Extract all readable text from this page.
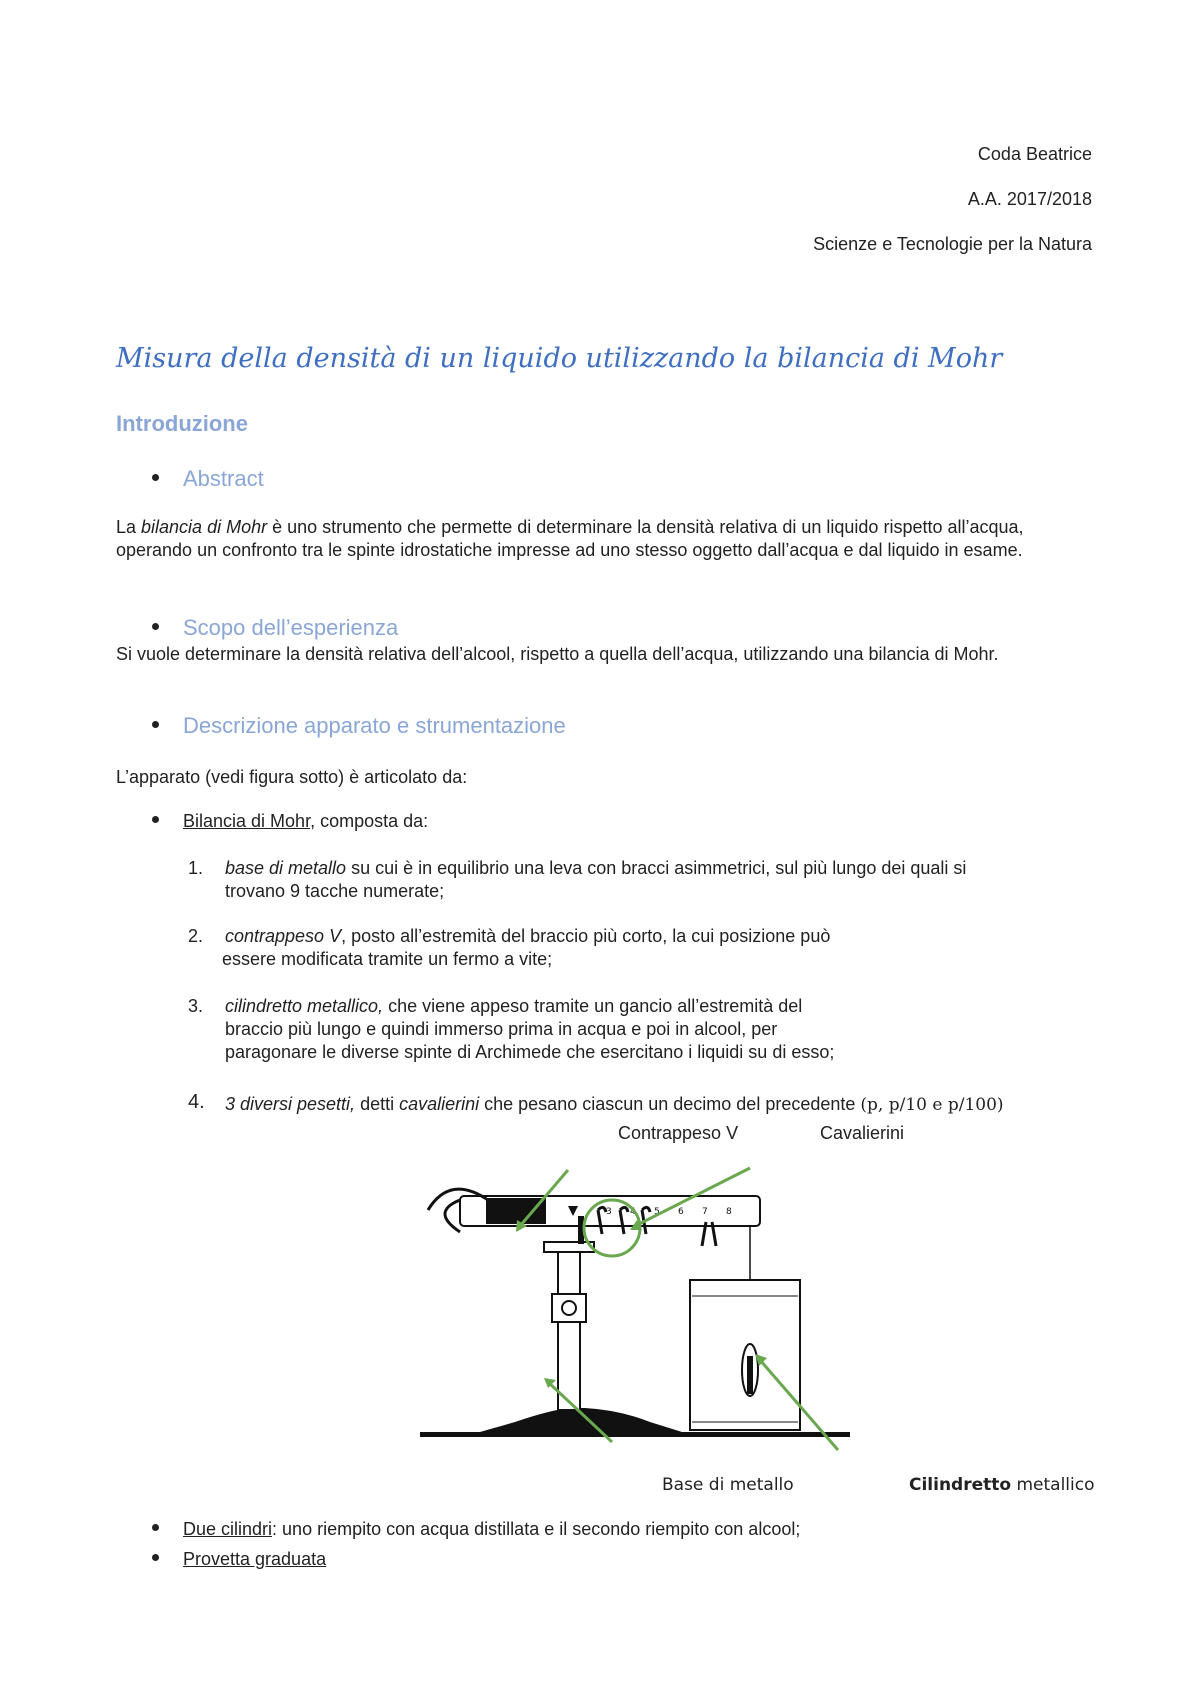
Coda Beatrice
A.A. 2017/2018
Scienze e Tecnologie per la Natura
Misura della densità di un liquido utilizzando la bilancia di Mohr
Introduzione
Abstract
La bilancia di Mohr è uno strumento che permette di determinare la densità relativa di un liquido rispetto all’acqua, operando un confronto tra le spinte idrostatiche impresse ad uno stesso oggetto dall’acqua e dal liquido in esame.
Scopo dell’esperienza
Si vuole determinare la densità relativa dell’alcool, rispetto a quella dell’acqua, utilizzando una bilancia di Mohr.
Descrizione apparato e strumentazione
L’apparato (vedi figura sotto) è articolato da:
Bilancia di Mohr, composta da:
1. base di metallo su cui è in equilibrio una leva con bracci asimmetrici, sul più lungo dei quali si
trovano 9 tacche numerate;
2. contrappeso V, posto all’estremità del braccio più corto, la cui posizione può
essere modificata tramite un fermo a vite;
3. cilindretto metallico, che viene appeso tramite un gancio all’estremità del
braccio più lungo e quindi immerso prima in acqua e poi in alcool, per
paragonare le diverse spinte di Archimede che esercitano i liquidi su di esso;
4. 3 diversi pesetti, detti cavalierini che pesano ciascun un decimo del precedente (p, p/10 e p/100)
Contrappeso V	Cavalierini
3 4 5 6 7 8
Base di metallo	Cilindretto metallico
Due cilindri: uno riempito con acqua distillata e il secondo riempito con alcool;
Provetta graduata
